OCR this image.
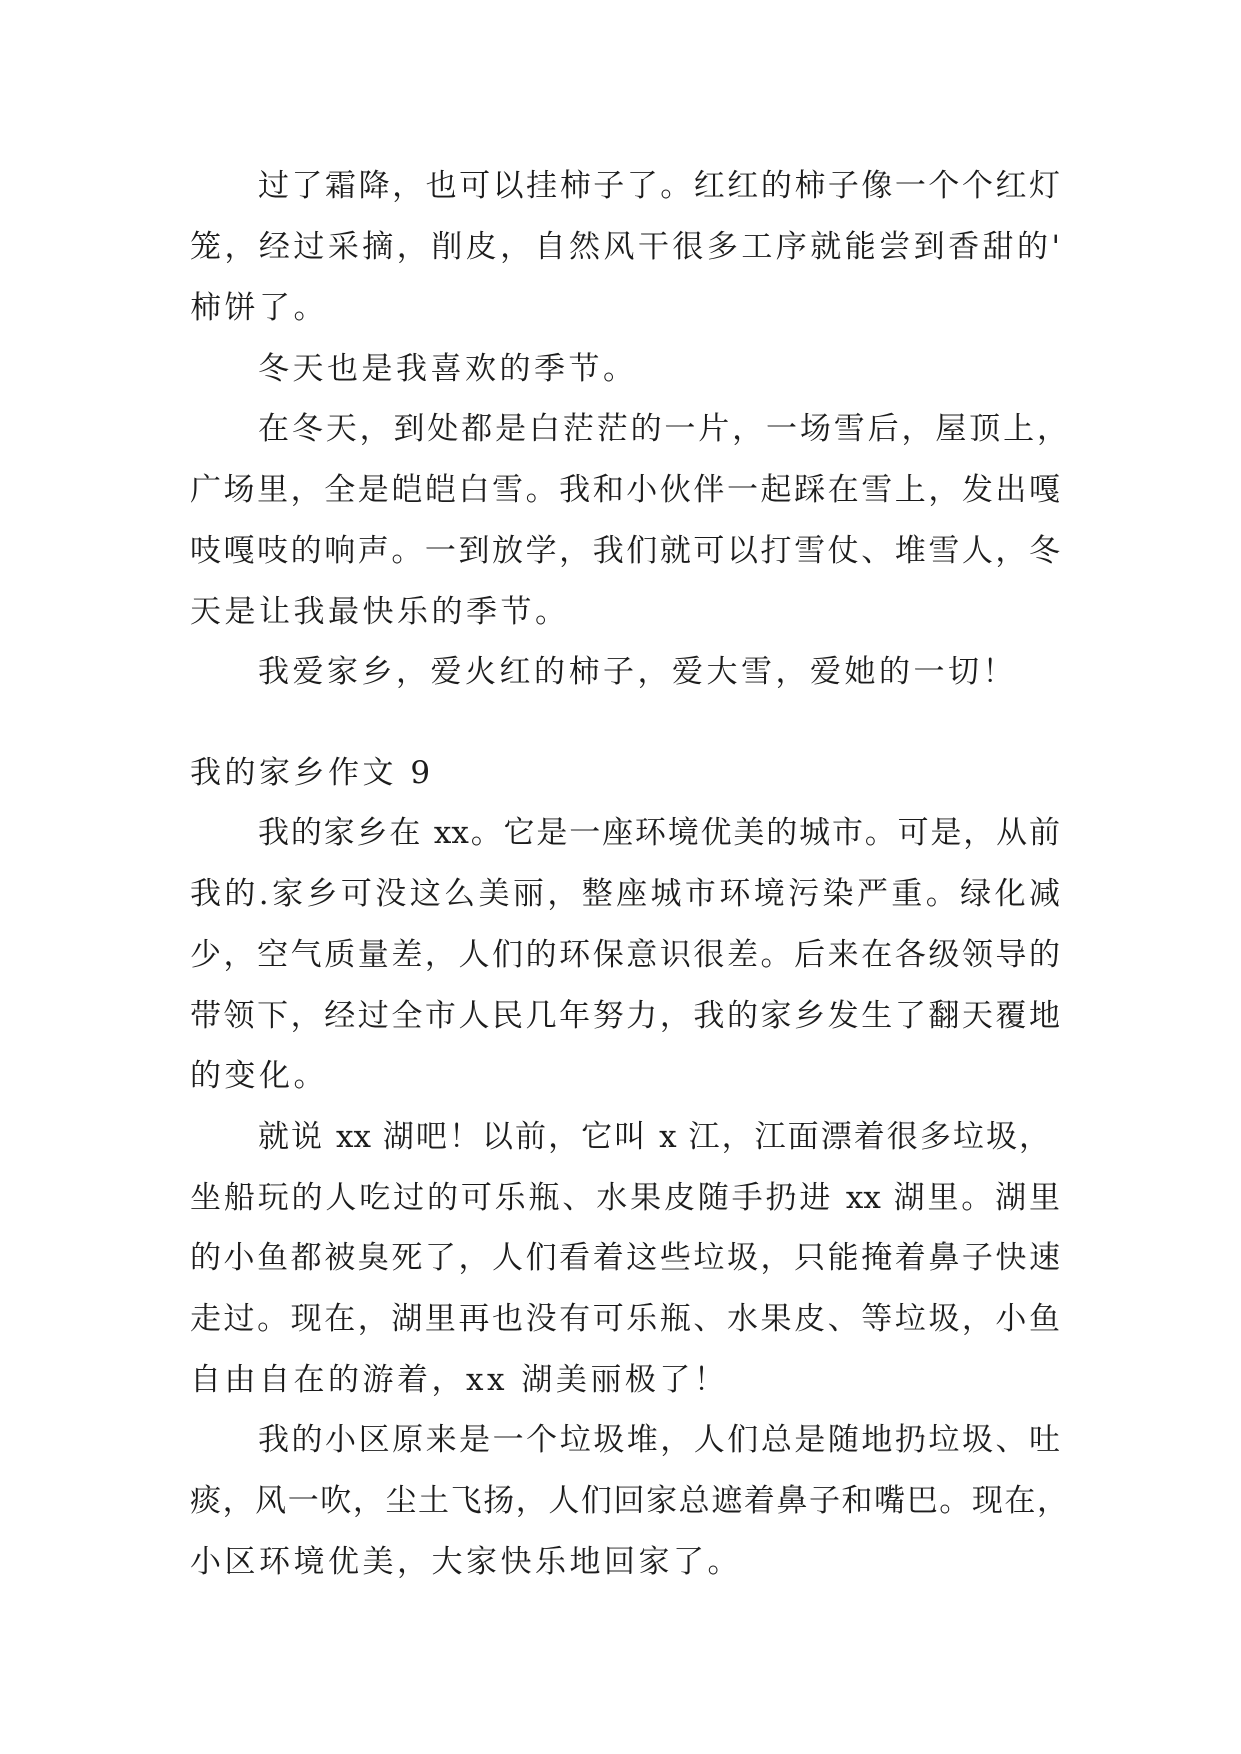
过了霜降，也可以挂柿子了。红红的柿子像一个个红灯
笼，经过采摘，削皮，自然风干很多工序就能尝到香甜的'
柿饼了。
冬天也是我喜欢的季节。
在冬天，到处都是白茫茫的一片，一场雪后，屋顶上，
广场里，全是皑皑白雪。我和小伙伴一起踩在雪上，发出嘎
吱嘎吱的响声。一到放学，我们就可以打雪仗、堆雪人，冬
天是让我最快乐的季节。
我爱家乡，爱火红的柿子，爱大雪，爱她的一切！
我的家乡作文 9
我的家乡在 xx。它是一座环境优美的城市。可是，从前
我的.家乡可没这么美丽，整座城市环境污染严重。绿化减
少，空气质量差，人们的环保意识很差。后来在各级领导的
带领下，经过全市人民几年努力，我的家乡发生了翻天覆地
的变化。
就说 xx 湖吧！以前，它叫 x 江，江面漂着很多垃圾，
坐船玩的人吃过的可乐瓶、水果皮随手扔进 xx 湖里。湖里
的小鱼都被臭死了，人们看着这些垃圾，只能掩着鼻子快速
走过。现在，湖里再也没有可乐瓶、水果皮、等垃圾，小鱼
自由自在的游着，xx 湖美丽极了！
我的小区原来是一个垃圾堆，人们总是随地扔垃圾、吐
痰，风一吹，尘土飞扬，人们回家总遮着鼻子和嘴巴。现在，
小区环境优美，大家快乐地回家了。
